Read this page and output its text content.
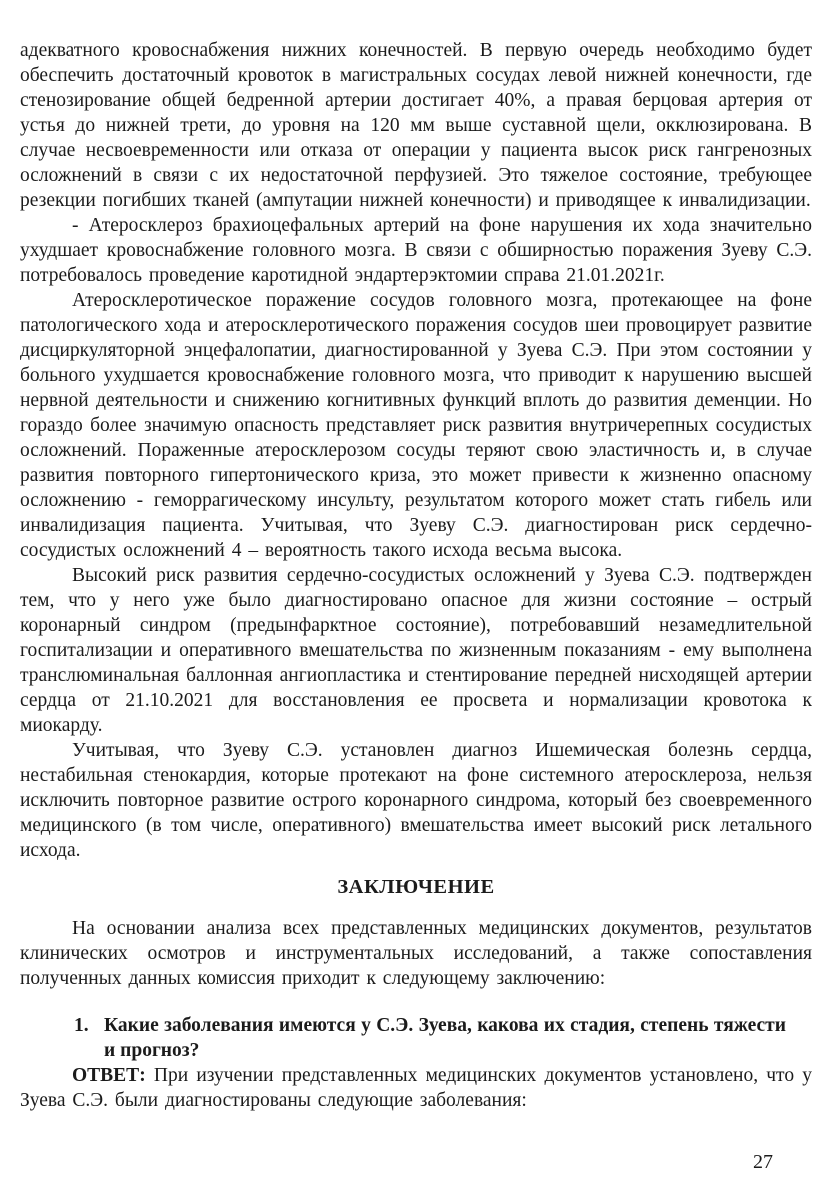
адекватного кровоснабжения нижних конечностей. В первую очередь необходимо будет обеспечить достаточный кровоток в магистральных сосудах левой нижней конечности, где стенозирование общей бедренной артерии достигает 40%, а правая берцовая артерия от устья до нижней трети, до уровня на 120 мм выше суставной щели, окклюзирована. В случае несвоевременности или отказа от операции у пациента высок риск гангренозных осложнений в связи с их недостаточной перфузией. Это тяжелое состояние, требующее резекции погибших тканей (ампутации нижней конечности) и приводящее к инвалидизации.

- Атеросклероз брахиоцефальных артерий на фоне нарушения их хода значительно ухудшает кровоснабжение головного мозга. В связи с обширностью поражения Зуеву С.Э. потребовалось проведение каротидной эндартерэктомии справа 21.01.2021г.

Атеросклеротическое поражение сосудов головного мозга, протекающее на фоне патологического хода и атеросклеротического поражения сосудов шеи провоцирует развитие дисциркуляторной энцефалопатии, диагностированной у Зуева С.Э. При этом состоянии у больного ухудшается кровоснабжение головного мозга, что приводит к нарушению высшей нервной деятельности и снижению когнитивных функций вплоть до развития деменции. Но гораздо более значимую опасность представляет риск развития внутричерепных сосудистых осложнений. Пораженные атеросклерозом сосуды теряют свою эластичность и, в случае развития повторного гипертонического криза, это может привести к жизненно опасному осложнению - геморрагическому инсульту, результатом которого может стать гибель или инвалидизация пациента. Учитывая, что Зуеву С.Э. диагностирован риск сердечно-сосудистых осложнений 4 – вероятность такого исхода весьма высока.

Высокий риск развития сердечно-сосудистых осложнений у Зуева С.Э. подтвержден тем, что у него уже было диагностировано опасное для жизни состояние – острый коронарный синдром (предынфарктное состояние), потребовавший незамедлительной госпитализации и оперативного вмешательства по жизненным показаниям - ему выполнена транслюминальная баллонная ангиопластика и стентирование передней нисходящей артерии сердца от 21.10.2021 для восстановления ее просвета и нормализации кровотока к миокарду.

Учитывая, что Зуеву С.Э. установлен диагноз Ишемическая болезнь сердца, нестабильная стенокардия, которые протекают на фоне системного атеросклероза, нельзя исключить повторное развитие острого коронарного синдрома, который без своевременного медицинского (в том числе, оперативного) вмешательства имеет высокий риск летального исхода.

ЗАКЛЮЧЕНИЕ

На основании анализа всех представленных медицинских документов, результатов клинических осмотров и инструментальных исследований, а также сопоставления полученных данных комиссия приходит к следующему заключению:

1. Какие заболевания имеются у С.Э. Зуева, какова их стадия, степень тяжести и прогноз?

ОТВЕТ: При изучении представленных медицинских документов установлено, что у Зуева С.Э. были диагностированы следующие заболевания:

27
